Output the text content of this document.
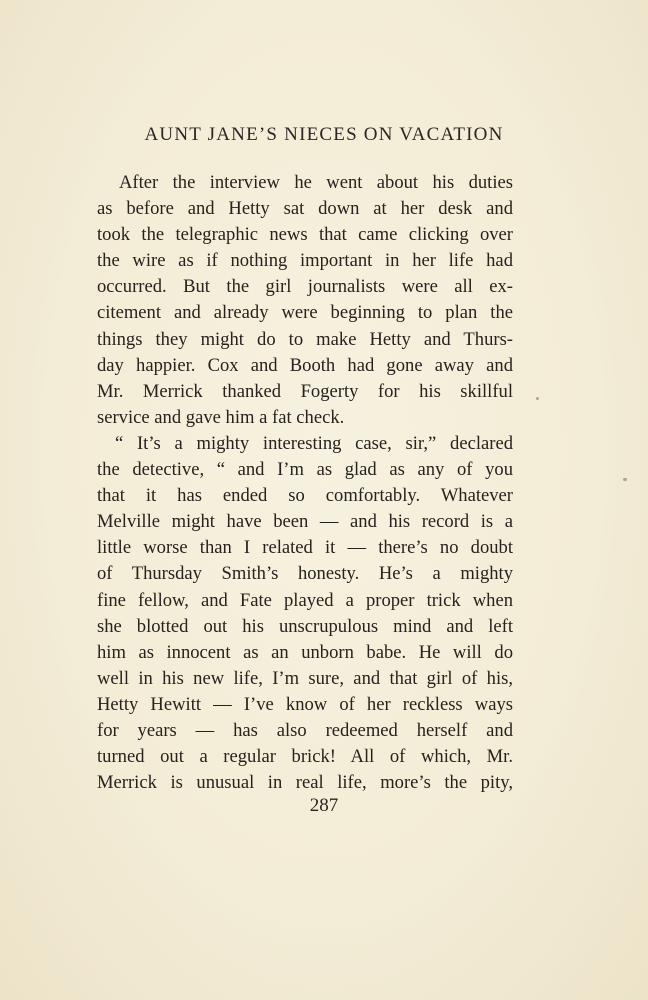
AUNT JANE’S NIECES ON VACATION
After the interview he went about his duties
as before and Hetty sat down at her desk and
took the telegraphic news that came clicking over
the wire as if nothing important in her life had
occurred. But the girl journalists were all ex-
citement and already were beginning to plan the
things they might do to make Hetty and Thurs-
day happier. Cox and Booth had gone away and
Mr. Merrick thanked Fogerty for his skillful
service and gave him a fat check.
“ It’s a mighty interesting case, sir,” declared
the detective, “ and I’m as glad as any of you
that it has ended so comfortably. Whatever
Melville might have been — and his record is a
little worse than I related it — there’s no doubt
of Thursday Smith’s honesty. He’s a mighty
fine fellow, and Fate played a proper trick when
she blotted out his unscrupulous mind and left
him as innocent as an unborn babe. He will do
well in his new life, I’m sure, and that girl of his,
Hetty Hewitt — I’ve know of her reckless ways
for years — has also redeemed herself and
turned out a regular brick! All of which, Mr.
Merrick is unusual in real life, more’s the pity,
287
